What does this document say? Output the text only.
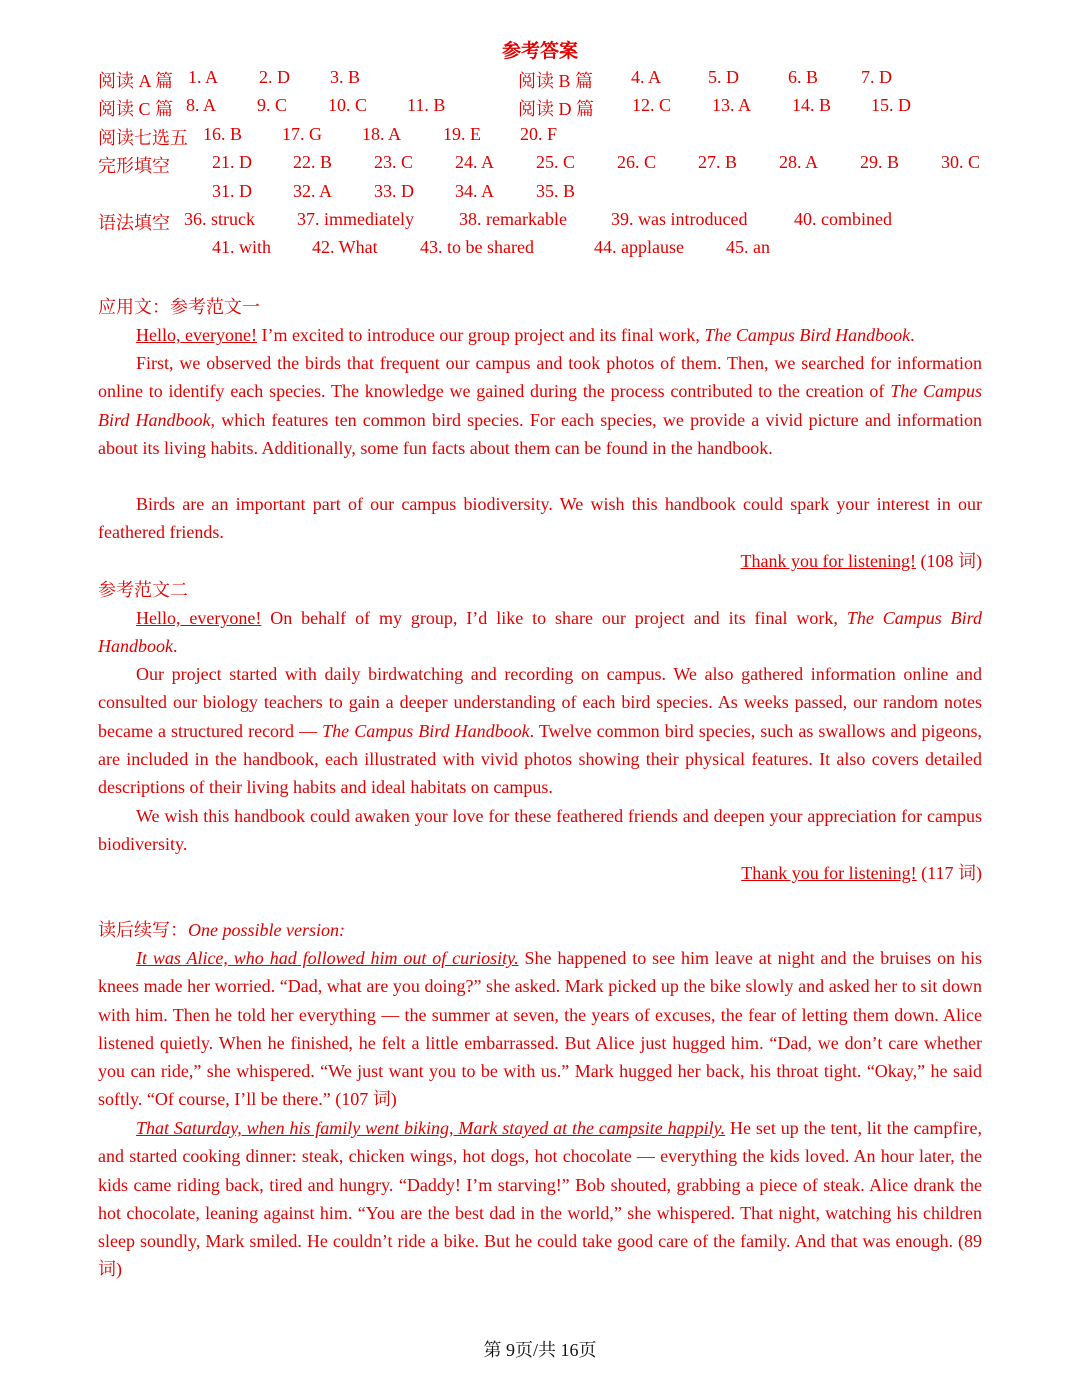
参考答案
阅读 A 篇 1. A 2. D 3. B	阅读 B 篇 4. A	5. D	6. B 7. D
阅读 C 篇 8. A 9. C 10. C 11. B	阅读 D 篇 12. C 13. A 14. B 15. D
阅读七选五 16. B 17. G 18. A 19. E 20. F
完形填空 21. D 22. B 23. C 24. A 25. C 26. C 27. B 28. A 29. B 30. C
31. D 32. A 33. D 34. A 35. B
语法填空 36. struck 37. immediately	38. remarkable 39. was introduced	40. combined
41. with 42. What 43. to be shared	44. applause 45. an
应用文：参考范文一

Hello, everyone! I’m excited to introduce our group project and its final work, The Campus Bird Handbook.

First, we observed the birds that frequent our campus and took photos of them. Then, we searched for information online to identify each species. The knowledge we gained during the process contributed to the creation of The Campus Bird Handbook, which features ten common bird species. For each species, we provide a vivid picture and information about its living habits. Additionally, some fun facts about them can be found in the handbook.

Birds are an important part of our campus biodiversity. We wish this handbook could spark your interest in our feathered friends.

Thank you for listening! (108 词)
参考范文二

Hello, everyone! On behalf of my group, I’d like to share our project and its final work, The Campus Bird Handbook.

Our project started with daily birdwatching and recording on campus. We also gathered information online and consulted our biology teachers to gain a deeper understanding of each bird species. As weeks passed, our random notes became a structured record — The Campus Bird Handbook. Twelve common bird species, such as swallows and pigeons, are included in the handbook, each illustrated with vivid photos showing their physical features. It also covers detailed descriptions of their living habits and ideal habitats on campus.

We wish this handbook could awaken your love for these feathered friends and deepen your appreciation for campus biodiversity.

Thank you for listening! (117 词)
读后续写：One possible version:

It was Alice, who had followed him out of curiosity. She happened to see him leave at night and the bruises on his knees made her worried. “Dad, what are you doing?” she asked. Mark picked up the bike slowly and asked her to sit down with him. Then he told her everything — the summer at seven, the years of excuses, the fear of letting them down. Alice listened quietly. When he finished, he felt a little embarrassed. But Alice just hugged him. “Dad, we don’t care whether you can ride,” she whispered. “We just want you to be with us.” Mark hugged her back, his throat tight. “Okay,” he said softly. “Of course, I’ll be there.” (107 词)

That Saturday, when his family went biking, Mark stayed at the campsite happily. He set up the tent, lit the campfire, and started cooking dinner: steak, chicken wings, hot dogs, hot chocolate — everything the kids loved. An hour later, the kids came riding back, tired and hungry. “Daddy! I’m starving!” Bob shouted, grabbing a piece of steak. Alice drank the hot chocolate, leaning against him. “You are the best dad in the world,” she whispered. That night, watching his children sleep soundly, Mark smiled. He couldn’t ride a bike. But he could take good care of the family. And that was enough. (89 词)

第 9页/共 16页
